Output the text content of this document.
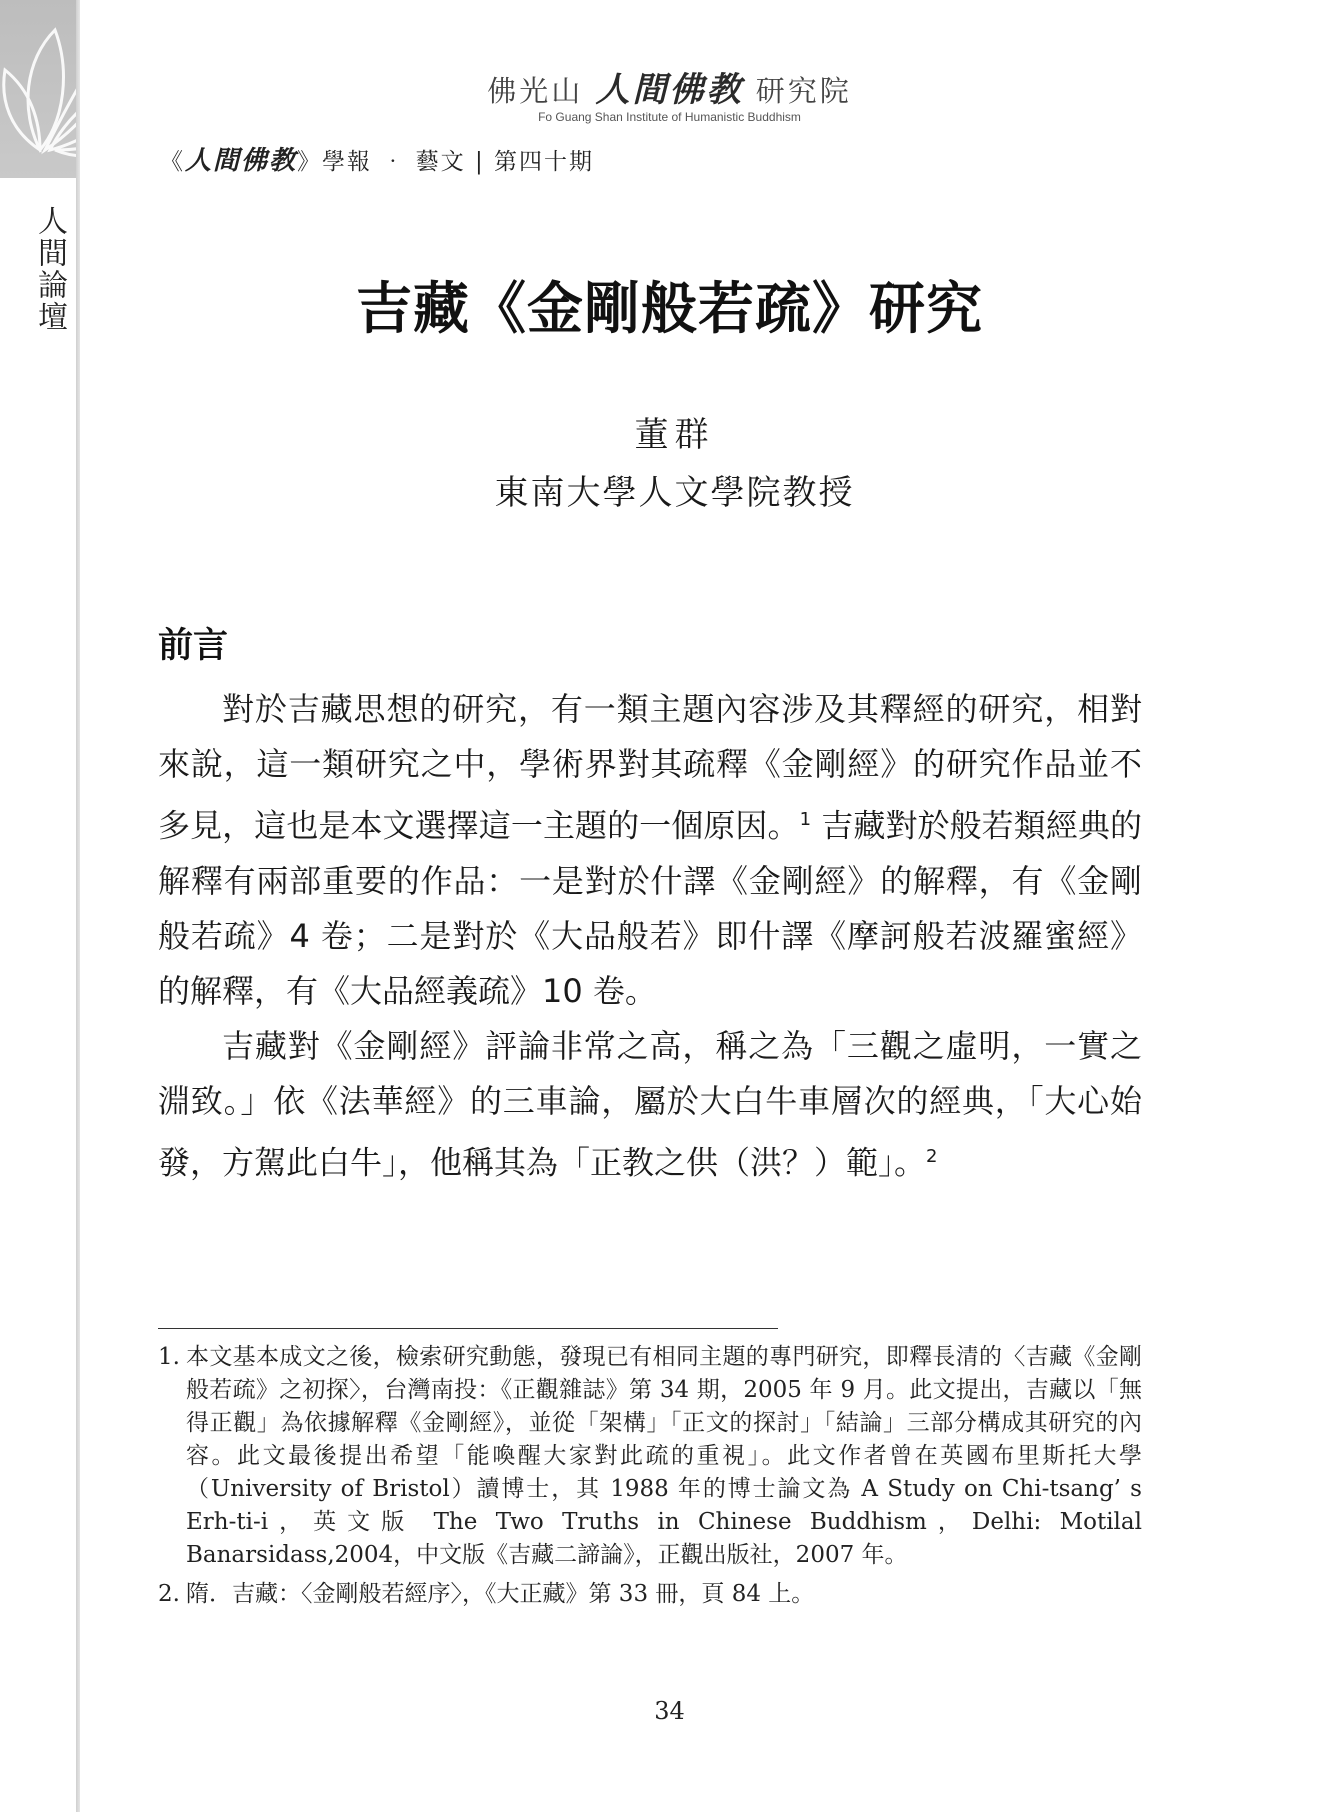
佛光山 人間佛教 研究院
Fo Guang Shan Institute of Humanistic Buddhism
《人間佛教》學報 ‧ 藝文 | 第四十期
人間論壇	吉藏《金剛般若疏》研究
董群
東南大學人文學院教授
前言

對於吉藏思想的研究，有一類主題內容涉及其釋經的研究，相對來說，這一類研究之中，學術界對其疏釋《金剛經》的研究作品並不多見，這也是本文選擇這一主題的一個原因。$^1$ 吉藏對於般若類經典的解釋有兩部重要的作品：一是對於什譯《金剛經》的解釋，有《金剛般若疏》4 卷；二是對於《大品般若》即什譯《摩訶般若波羅蜜經》的解釋，有《大品經義疏》10 卷。

吉藏對《金剛經》評論非常之高，稱之為「三觀之虛明，一實之淵致。」依《法華經》的三車論，屬於大白牛車層次的經典，「大心始發，方駕此白牛」，他稱其為「正教之供（洪？）範」。$^2$

1. 本文基本成文之後，檢索研究動態，發現已有相同主題的專門研究，即釋長清的〈吉藏《金剛般若疏》之初探〉，台灣南投：《正觀雜誌》第 34 期，2005 年 9 月。此文提出，吉藏以「無得正觀」為依據解釋《金剛經》，並從「架構」「正文的探討」「結論」三部分構成其研究的內容。此文最後提出希望「能喚醒大家對此疏的重視」。此文作者曾在英國布里斯托大學（University of Bristol）讀博士，其 1988 年的博士論文為 A Study on Chi-tsang’ s Erh-ti-i，英文版 The Two Truths in Chinese Buddhism，Delhi: Motilal Banarsidass,2004，中文版《吉藏二諦論》，正觀出版社，2007 年。
2. 隋．吉藏：〈金剛般若經序〉，《大正藏》第 33 冊，頁 84 上。
34
